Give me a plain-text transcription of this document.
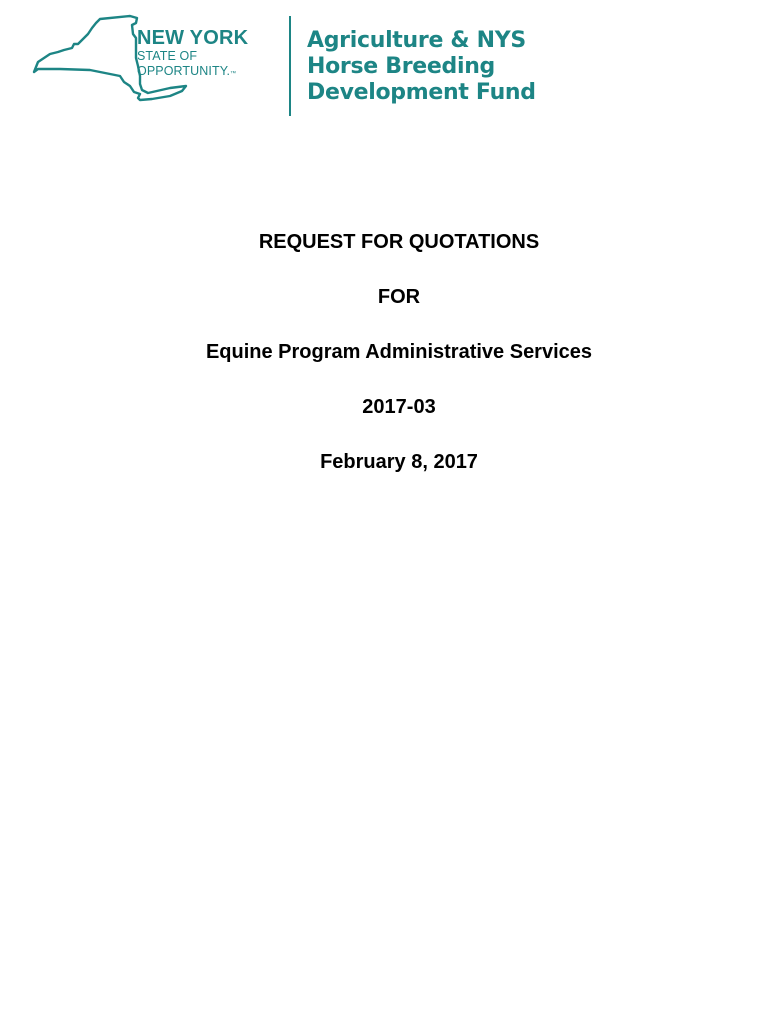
NEW YORK
STATE OF
OPPORTUNITY.™
Agriculture & NYS
Horse Breeding
Development Fund
REQUEST FOR QUOTATIONS
FOR
Equine Program Administrative Services
2017-03
February 8, 2017
